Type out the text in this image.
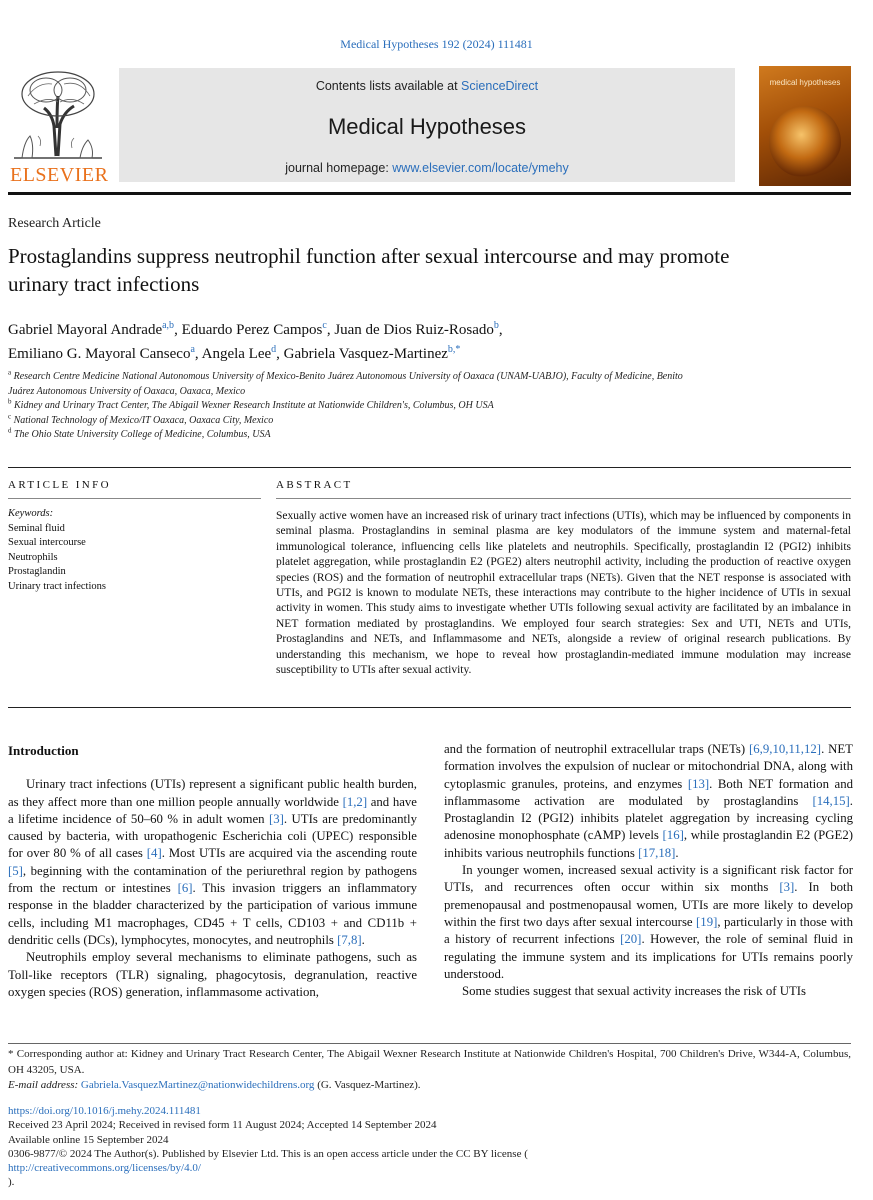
Medical Hypotheses 192 (2024) 111481
ELSEVIER
Contents lists available at ScienceDirect
Medical Hypotheses
journal homepage: www.elsevier.com/locate/ymehy
medical hypotheses
Research Article
Prostaglandins suppress neutrophil function after sexual intercourse and may promote urinary tract infections
Gabriel Mayoral Andrade$^{a,b}$, Eduardo Perez Campos$^c$, Juan de Dios Ruiz-Rosado$^b$,
Emiliano G. Mayoral Canseco$^a$, Angela Lee$^d$, Gabriela Vasquez-Martinez$^{b,*}$
$^a$ Research Centre Medicine National Autonomous University of Mexico-Benito Juárez Autonomous University of Oaxaca (UNAM-UABJO), Faculty of Medicine, Benito
Juárez Autonomous University of Oaxaca, Oaxaca, Mexico
$^b$ Kidney and Urinary Tract Center, The Abigail Wexner Research Institute at Nationwide Children's, Columbus, OH USA
$^c$ National Technology of Mexico/IT Oaxaca, Oaxaca City, Mexico
$^d$ The Ohio State University College of Medicine, Columbus, USA
ARTICLE INFO	ABSTRACT
Keywords:
Seminal fluid
Sexual intercourse
Neutrophils
Prostaglandin
Urinary tract infections
Sexually active women have an increased risk of urinary tract infections (UTIs), which may be influenced by components in seminal plasma. Prostaglandins in seminal plasma are key modulators of the immune system and maternal-fetal immunological tolerance, influencing cells like platelets and neutrophils. Specifically, prostaglandin I2 (PGI2) inhibits platelet aggregation, while prostaglandin E2 (PGE2) alters neutrophil activity, including the production of reactive oxygen species (ROS) and the formation of neutrophil extracellular traps (NETs). Given that the NET response is associated with UTIs, and PGI2 is known to modulate NETs, these interactions may contribute to the higher incidence of UTIs in sexual activity in women. This study aims to investigate whether UTIs following sexual activity are facilitated by an imbalance in NET formation mediated by prostaglandins. We employed four search strategies: Sex and UTI, NETs and UTIs, Prostaglandins and NETs, and Inflammasome and NETs, alongside a review of original research publications. By understanding this mechanism, we hope to reveal how prostaglandin-mediated immune modulation may increase susceptibility to UTIs after sexual activity.
Introduction

Urinary tract infections (UTIs) represent a significant public health burden, as they affect more than one million people annually worldwide [1,2] and have a lifetime incidence of 50–60 % in adult women [3]. UTIs are predominantly caused by bacteria, with uropathogenic Escherichia coli (UPEC) responsible for over 80 % of all cases [4]. Most UTIs are acquired via the ascending route [5], beginning with the contamination of the periurethral region by pathogens from the rectum or intestines [6]. This invasion triggers an inflammatory response in the bladder characterized by the participation of various immune cells, including M1 macrophages, CD45 + T cells, CD103 + and CD11b + dendritic cells (DCs), lymphocytes, monocytes, and neutrophils [7,8].

Neutrophils employ several mechanisms to eliminate pathogens, such as Toll-like receptors (TLR) signaling, phagocytosis, degranulation, reactive oxygen species (ROS) generation, inflammasome activation,

and the formation of neutrophil extracellular traps (NETs) [6,9,10,11,12]. NET formation involves the expulsion of nuclear or mitochondrial DNA, along with cytoplasmic granules, proteins, and enzymes [13]. Both NET formation and inflammasome activation are modulated by prostaglandins [14,15]. Prostaglandin I2 (PGI2) inhibits platelet aggregation by increasing cycling adenosine monophosphate (cAMP) levels [16], while prostaglandin E2 (PGE2) inhibits various neutrophils functions [17,18].

In younger women, increased sexual activity is a significant risk factor for UTIs, and recurrences often occur within six months [3]. In both premenopausal and postmenopausal women, UTIs are more likely to develop within the first two days after sexual intercourse [19], particularly in those with a history of recurrent infections [20]. However, the role of seminal fluid in regulating the immune system and its implications for UTIs remains poorly understood.

Some studies suggest that sexual activity increases the risk of UTIs

* Corresponding author at: Kidney and Urinary Tract Research Center, The Abigail Wexner Research Institute at Nationwide Children's Hospital, 700 Children's Drive, W344-A, Columbus, OH 43205, USA.
E-mail address: Gabriela.VasquezMartinez@nationwidechildrens.org (G. Vasquez-Martinez).
https://doi.org/10.1016/j.mehy.2024.111481
Received 23 April 2024; Received in revised form 11 August 2024; Accepted 14 September 2024
Available online 15 September 2024
0306-9877/© 2024 The Author(s). Published by Elsevier Ltd. This is an open access article under the CC BY license (
http://creativecommons.org/licenses/by/4.0/
).
